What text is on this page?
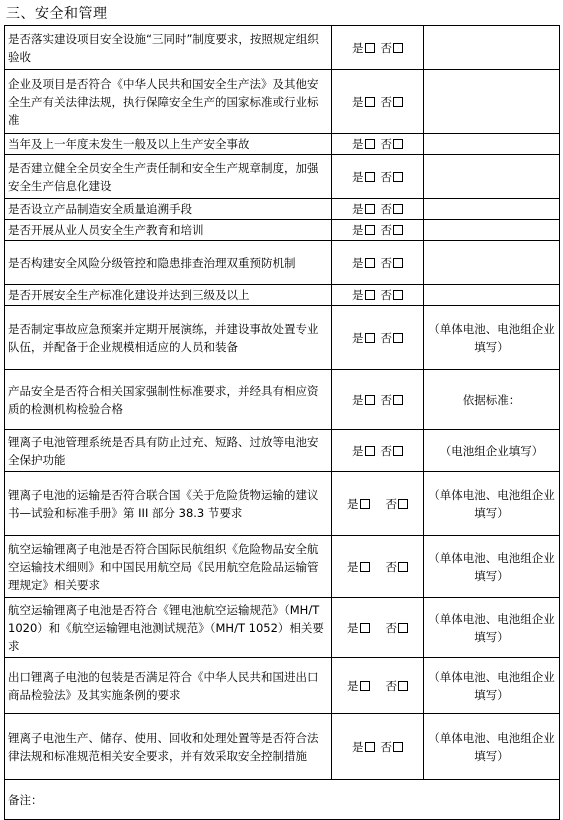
三、安全和管理
是否落实建设项目安全设施“三同时”制度要求，按照规定组织验收	是 否	
企业及项目是否符合《中华人民共和国安全生产法》及其他安全生产有关法律法规，执行保障安全生产的国家标准或行业标准	是 否	
当年及上一年度未发生一般及以上生产安全事故	是 否	
是否建立健全全员安全生产责任制和安全生产规章制度，加强安全生产信息化建设	是 否	
是否设立产品制造安全质量追溯手段	是 否	
是否开展从业人员安全生产教育和培训	是 否	
是否构建安全风险分级管控和隐患排查治理双重预防机制	是 否	
是否开展安全生产标准化建设并达到三级及以上	是 否	
是否制定事故应急预案并定期开展演练，并建设事故处置专业队伍，并配备于企业规模相适应的人员和装备	是 否	（单体电池、电池组企业填写）
产品安全是否符合相关国家强制性标准要求，并经具有相应资质的检测机构检验合格	是 否	依据标准：
锂离子电池管理系统是否具有防止过充、短路、过放等电池安全保护功能	是 否	（电池组企业填写）
锂离子电池的运输是否符合联合国《关于危险货物运输的建议书—试验和标准手册》第 III 部分 38.3 节要求	是 否	（单体电池、电池组企业填写）
航空运输锂离子电池是否符合国际民航组织《危险物品安全航空运输技术细则》和中国民用航空局《民用航空危险品运输管理规定》相关要求	是 否	（单体电池、电池组企业填写）
航空运输锂离子电池是否符合《锂电池航空运输规范》（MH/T 1020）和《航空运输锂电池测试规范》（MH/T 1052）相关要求	是 否	（单体电池、电池组企业填写）
出口锂离子电池的包装是否满足符合《中华人民共和国进出口商品检验法》及其实施条例的要求	是 否	（单体电池、电池组企业填写）
锂离子电池生产、储存、使用、回收和处理处置等是否符合法律法规和标准规范相关安全要求，并有效采取安全控制措施	是 否	（单体电池、电池组企业填写）
备注：		
